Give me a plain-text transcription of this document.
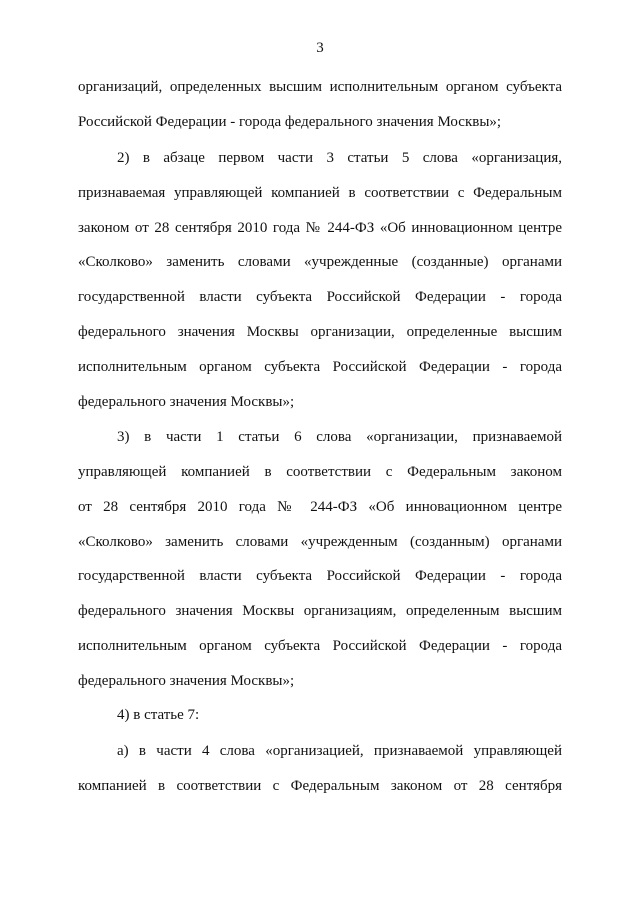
3
организаций, определенных высшим исполнительным органом субъекта
Российской Федерации - города федерального значения Москвы»;
2) в абзаце первом части 3 статьи 5 слова «организация,
признаваемая управляющей компанией в соответствии с Федеральным
законом от 28 сентября 2010 года № 244-ФЗ «Об инновационном центре
«Сколково» заменить словами «учрежденные (созданные) органами
государственной власти субъекта Российской Федерации - города
федерального значения Москвы организации, определенные высшим
исполнительным органом субъекта Российской Федерации - города
федерального значения Москвы»;
3) в части 1 статьи 6 слова «организации, признаваемой
управляющей компанией в соответствии с Федеральным законом
от 28 сентября 2010 года № 244-ФЗ «Об инновационном центре
«Сколково» заменить словами «учрежденным (созданным) органами
государственной власти субъекта Российской Федерации - города
федерального значения Москвы организациям, определенным высшим
исполнительным органом субъекта Российской Федерации - города
федерального значения Москвы»;
4) в статье 7:
а) в части 4 слова «организацией, признаваемой управляющей
компанией в соответствии с Федеральным законом от 28 сентября
